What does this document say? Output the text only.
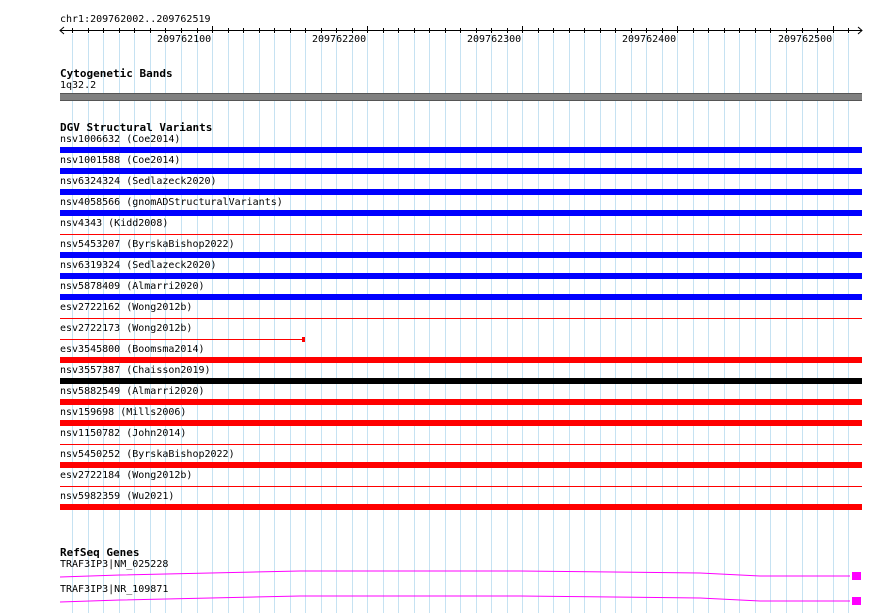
chr1:209762002..209762519
209762100	209762200	209762300	209762400	209762500
Cytogenetic Bands
1q32.2
DGV Structural Variants
nsv1006632 (Coe2014)
nsv1001588 (Coe2014)
nsv6324324 (Sedlazeck2020)
nsv4058566 (gnomADStructuralVariants)
nsv4343 (Kidd2008)
nsv5453207 (ByrskaBishop2022)
nsv6319324 (Sedlazeck2020)
nsv5878409 (Almarri2020)
esv2722162 (Wong2012b)
esv2722173 (Wong2012b)
esv3545800 (Boomsma2014)
nsv3557387 (Chaisson2019)
nsv5882549 (Almarri2020)
nsv159698 (Mills2006)
nsv1150782 (John2014)
nsv5450252 (ByrskaBishop2022)
esv2722184 (Wong2012b)
nsv5982359 (Wu2021)
RefSeq Genes
TRAF3IP3|NM_025228
TRAF3IP3|NR_109871
